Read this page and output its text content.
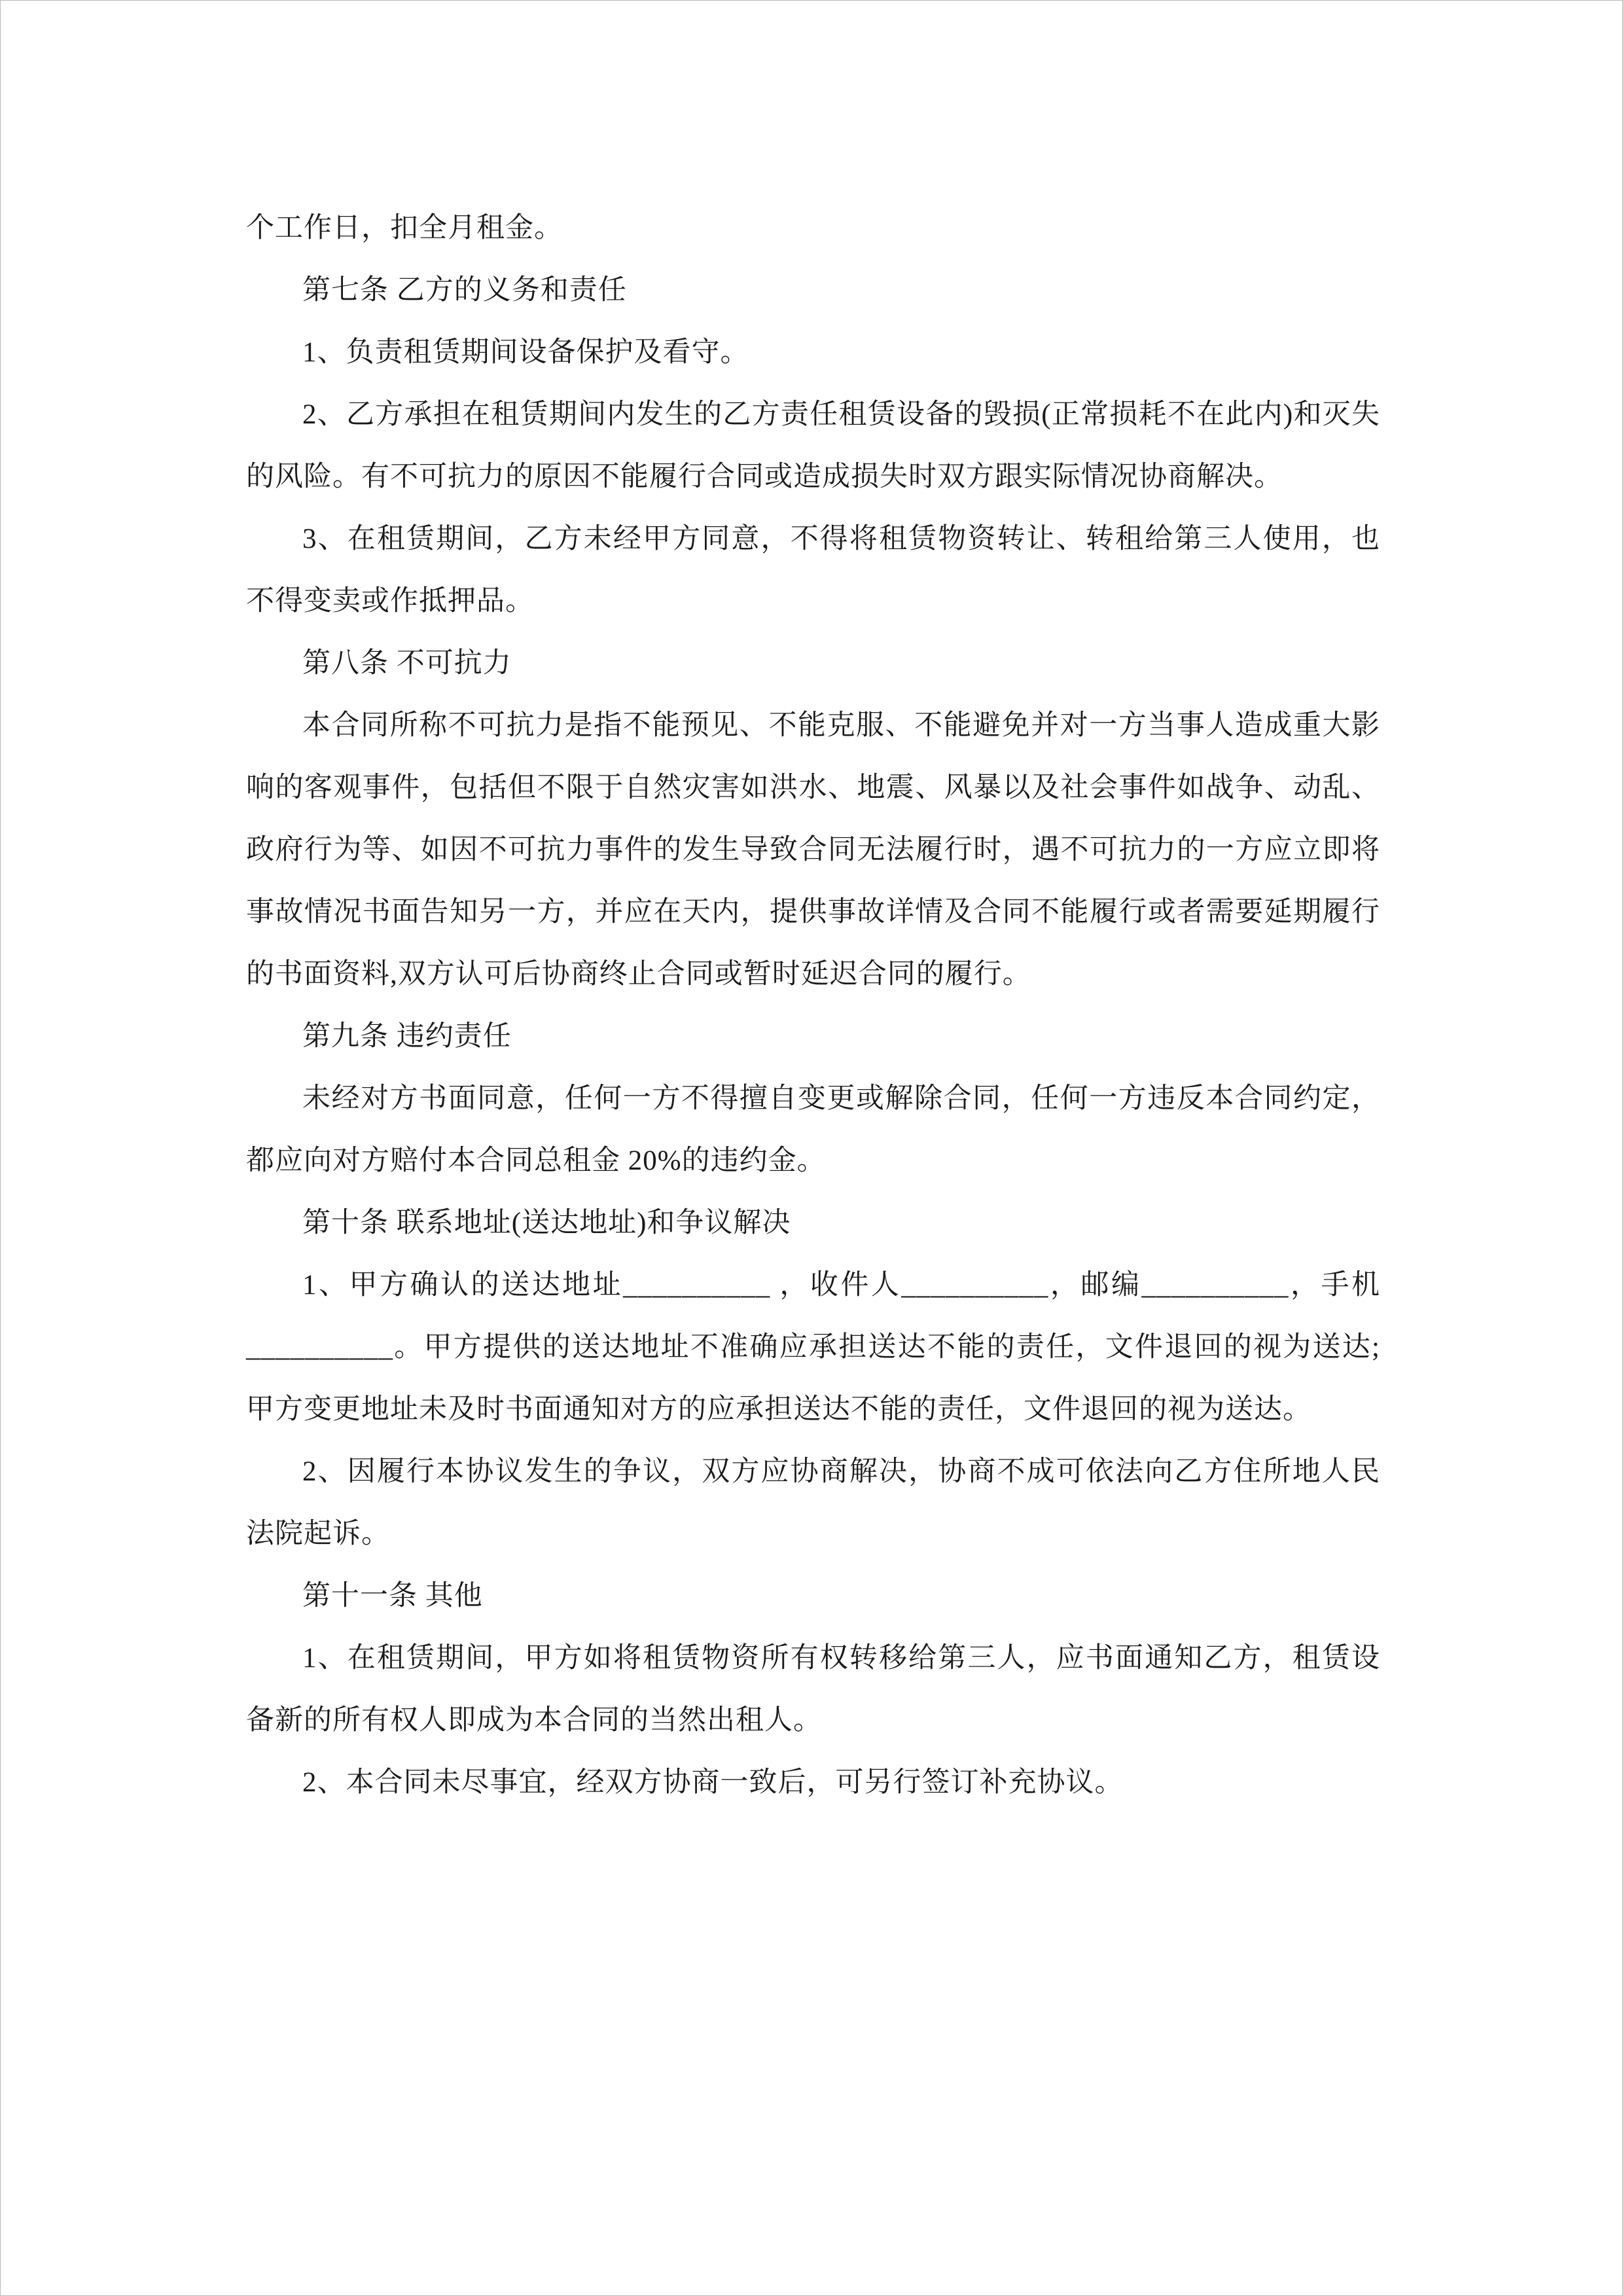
个工作日，扣全月租金。

第七条 乙方的义务和责任

1、负责租赁期间设备保护及看守。

2、乙方承担在租赁期间内发生的乙方责任租赁设备的毁损(正常损耗不在此内)和灭失的风险。有不可抗力的原因不能履行合同或造成损失时双方跟实际情况协商解决。

3、在租赁期间，乙方未经甲方同意，不得将租赁物资转让、转租给第三人使用，也不得变卖或作抵押品。

第八条 不可抗力

本合同所称不可抗力是指不能预见、不能克服、不能避免并对一方当事人造成重大影响的客观事件，包括但不限于自然灾害如洪水、地震、风暴以及社会事件如战争、动乱、政府行为等、如因不可抗力事件的发生导致合同无法履行时，遇不可抗力的一方应立即将事故情况书面告知另一方，并应在天内，提供事故详情及合同不能履行或者需要延期履行的书面资料,双方认可后协商终止合同或暂时延迟合同的履行。

第九条 违约责任

未经对方书面同意，任何一方不得擅自变更或解除合同，任何一方违反本合同约定，都应向对方赔付本合同总租金 20%的违约金。

第十条 联系地址(送达地址)和争议解决

1、甲方确认的送达地址__________ ，收件人__________，邮编__________，手机__________。甲方提供的送达地址不准确应承担送达不能的责任，文件退回的视为送达;甲方变更地址未及时书面通知对方的应承担送达不能的责任，文件退回的视为送达。

2、因履行本协议发生的争议，双方应协商解决，协商不成可依法向乙方住所地人民法院起诉。

第十一条 其他

1、在租赁期间，甲方如将租赁物资所有权转移给第三人，应书面通知乙方，租赁设备新的所有权人即成为本合同的当然出租人。

2、本合同未尽事宜，经双方协商一致后，可另行签订补充协议。
